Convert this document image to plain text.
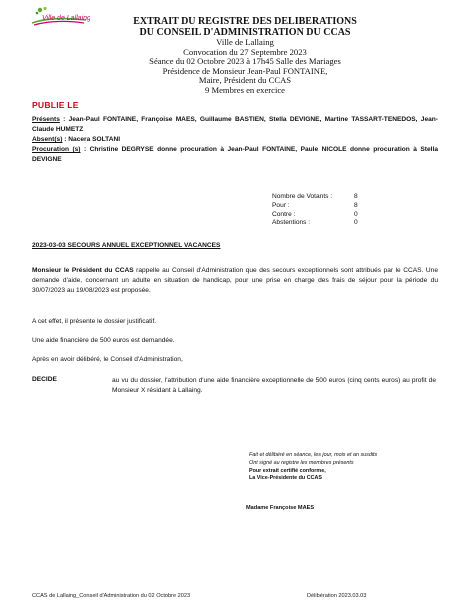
Ville de Lallaing	EXTRAIT DU REGISTRE DES DELIBERATIONS
DU CONSEIL D'ADMINISTRATION DU CCAS
Ville de Lallaing
Convocation du 27 Septembre 2023
Séance du 02 Octobre 2023 à 17h45 Salle des Mariages
Présidence de Monsieur Jean-Paul FONTAINE,
Maire, Président du CCAS
9 Membres en exercice
PUBLIE LE
Présents : Jean-Paul FONTAINE, Françoise MAES, Guillaume BASTIEN, Stella DEVIGNE, Martine TASSART-TENEDOS, Jean-Claude HUMETZ
Absent(s) : Nacera SOLTANI
Procuration (s) : Christine DEGRYSE donne procuration à Jean-Paul FONTAINE, Paule NICOLE donne procuration à Stella DEVIGNE
Nombre de Votants :	8
Pour :	8
Contre :	0
Abstentions :	0
2023-03-03 SECOURS ANNUEL EXCEPTIONNEL VACANCES
Monsieur le Président du CCAS rappelle au Conseil d'Administration que des secours exceptionnels sont attribués par le CCAS. Une demande d'aide, concernant un adulte en situation de handicap, pour une prise en charge des frais de séjour pour la période du 30/07/2023 au 19/08/2023 est proposée.
A cet effet, il présente le dossier justificatif.
Une aide financière de 500 euros est demandée.
Après en avoir délibéré, le Conseil d'Administration,
DECIDE	au vu du dossier, l'attribution d'une aide financière exceptionnelle de 500 euros (cinq cents euros) au profit de Monsieur X résidant à Lallaing.
Fait et délibéré en séance, les jour, mois et an susdits
Ont signé au registre les membres présents
Pour extrait certifié conforme,
La Vice-Présidente du CCAS
Madame Françoise MAES
CCAS de Lallaing_Conseil d'Administration du 02 Octobre 2023	Délibération 2023.03.03
